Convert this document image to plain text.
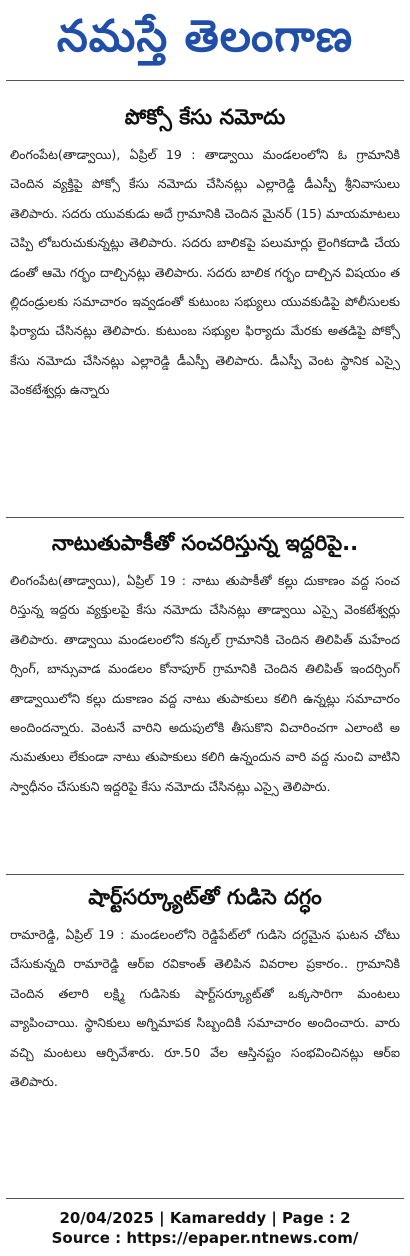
నమస్తే తెలంగాణ
పోక్సో కేసు నమోదు
లింగంపేట(తాడ్వాయి), ఏప్రిల్ 19 : తాడ్వాయి మండలంలోని ఓ గ్రామానికి చెందిన వ్యక్తిపై పోక్సో కేసు నమోదు చేసినట్లు ఎల్లారెడ్డి డీఎస్పీ శ్రీనివాసులు తెలిపారు. సదరు యువకుడు అదే గ్రామానికి చెందిన మైనర్ (15) మాయమాటలు చెప్పి లోబరుచుకున్నట్లు తెలిపారు. సదరు బాలికపై పలుమార్లు లైంగికదాడి చేయడంతో ఆమె గర్భం దాల్చినట్లు తెలిపారు. సదరు బాలిక గర్భం దాల్చిన విషయం తల్లిదండ్రులకు సమాచారం ఇవ్వడంతో కుటుంబ సభ్యులు యువకుడిపై పోలీసులకు ఫిర్యాదు చేసినట్లు తెలిపారు. కుటుంబ సభ్యుల ఫిర్యాదు మేరకు అతడిపై పోక్సో కేసు నమోదు చేసినట్లు ఎల్లారెడ్డి డీఎస్పీ తెలిపారు. డీఎస్పీ వెంట స్థానిక ఎస్సై వెంకటేశ్వర్లు ఉన్నారు
నాటుతుపాకీతో సంచరిస్తున్న ఇద్దరిపై..
లింగంపేట(తాడ్వాయి), ఏప్రిల్ 19 : నాటు తుపాకీతో కల్లు దుకాణం వద్ద సంచరిస్తున్న ఇద్దరు వ్యక్తులపై కేసు నమోదు చేసినట్లు తాడ్వాయి ఎస్సై వెంకటేశ్వర్లు తెలిపారు. తాడ్వాయి మండలంలోని కన్కల్ గ్రామానికి చెందిన తిలిపిత్ మహేందర్సింగ్, బాన్సువాడ మండలం కోనాపూర్ గ్రామానికి చెందిన తిలిపిత్ ఇందర్సింగ్ తాడ్వాయిలోని కల్లు దుకాణం వద్ద నాటు తుపాకులు కలిగి ఉన్నట్లు సమాచారం అందిందన్నారు. వెంటనే వారిని అదుపులోకి తీసుకొని విచారించగా ఎలాంటి అనుమతులు లేకుండా నాటు తుపాకులు కలిగి ఉన్నందున వారి వద్ద నుంచి వాటిని స్వాధీనం చేసుకుని ఇద్దరిపై కేసు నమోదు చేసినట్లు ఎస్సై తెలిపారు.
షార్ట్‌సర్క్యూట్‌తో గుడిసె దగ్ధం
రామారెడ్డి, ఏప్రిల్ 19 : మండలంలోని రెడ్డిపేట్‌లో గుడిసె దగ్ధమైన ఘటన చోటు చేసుకున్నది రామారెడ్డి ఆర్ఐ రవికాంత్ తెలిపిన వివరాల ప్రకారం.. గ్రామానికి చెందిన తలారి లక్ష్మి గుడిసెకు షార్ట్‌సర్క్యూట్‌తో ఒక్కసారిగా మంటలు వ్యాపించాయి. స్థానికులు అగ్నిమాపక సిబ్బందికి సమాచారం అందించారు. వారు వచ్చి మంటలు ఆర్పివేశారు. రూ.50 వేల ఆస్తినష్టం సంభవించినట్లు ఆర్ఐ తెలిపారు.
20/04/2025 | Kamareddy | Page : 2
Source : https://epaper.ntnews.com/
